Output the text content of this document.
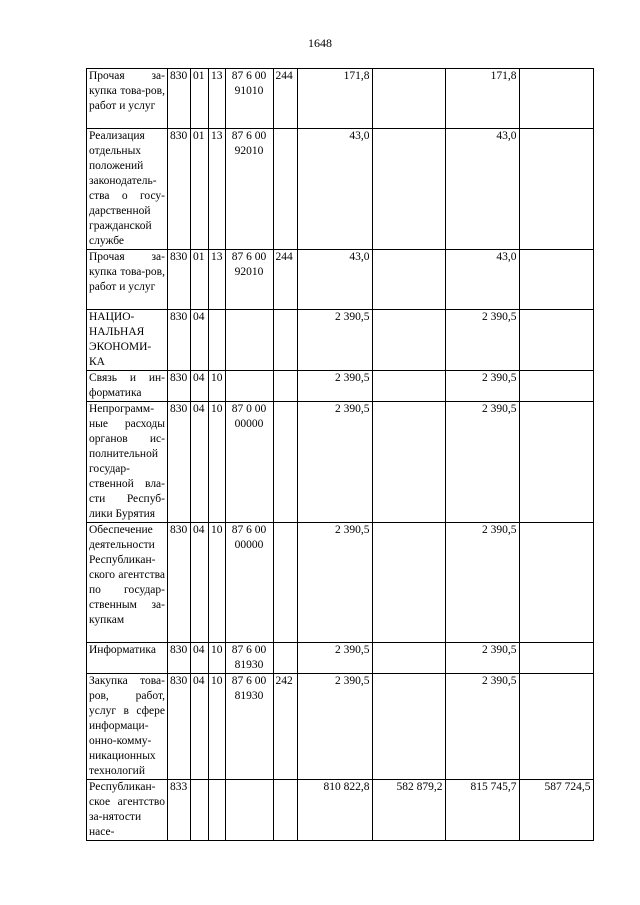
1648
Прочая за-купка това-ров, работ и услуг	830	01	13	87 6 00 91010	244	171,8		171,8	
Реализация отдельных положений законодатель-ства о госу-дарственной гражданской службе	830	01	13	87 6 00 92010		43,0		43,0	
Прочая за-купка това-ров, работ и услуг	830	01	13	87 6 00 92010	244	43,0		43,0	
НАЦИО-НАЛЬНАЯ ЭКОНОМИ-КА	830	04				2 390,5		2 390,5	
Связь и ин-форматика	830	04	10			2 390,5		2 390,5	
Непрограмм-ные расходы органов ис-полнительной государ-ственной вла-сти Респуб-лики Бурятия	830	04	10	87 0 00 00000		2 390,5		2 390,5	
Обеспечение деятельности Республикан-ского агентства по государ-ственным за-купкам	830	04	10	87 6 00 00000		2 390,5		2 390,5	
Информатика	830	04	10	87 6 00 81930		2 390,5		2 390,5	
Закупка това-ров, работ, услуг в сфере информаци-онно-комму-никационных технологий	830	04	10	87 6 00 81930	242	2 390,5		2 390,5	
Республикан-ское агентство за-нятости насе-	833					810 822,8	582 879,2	815 745,7	587 724,5
